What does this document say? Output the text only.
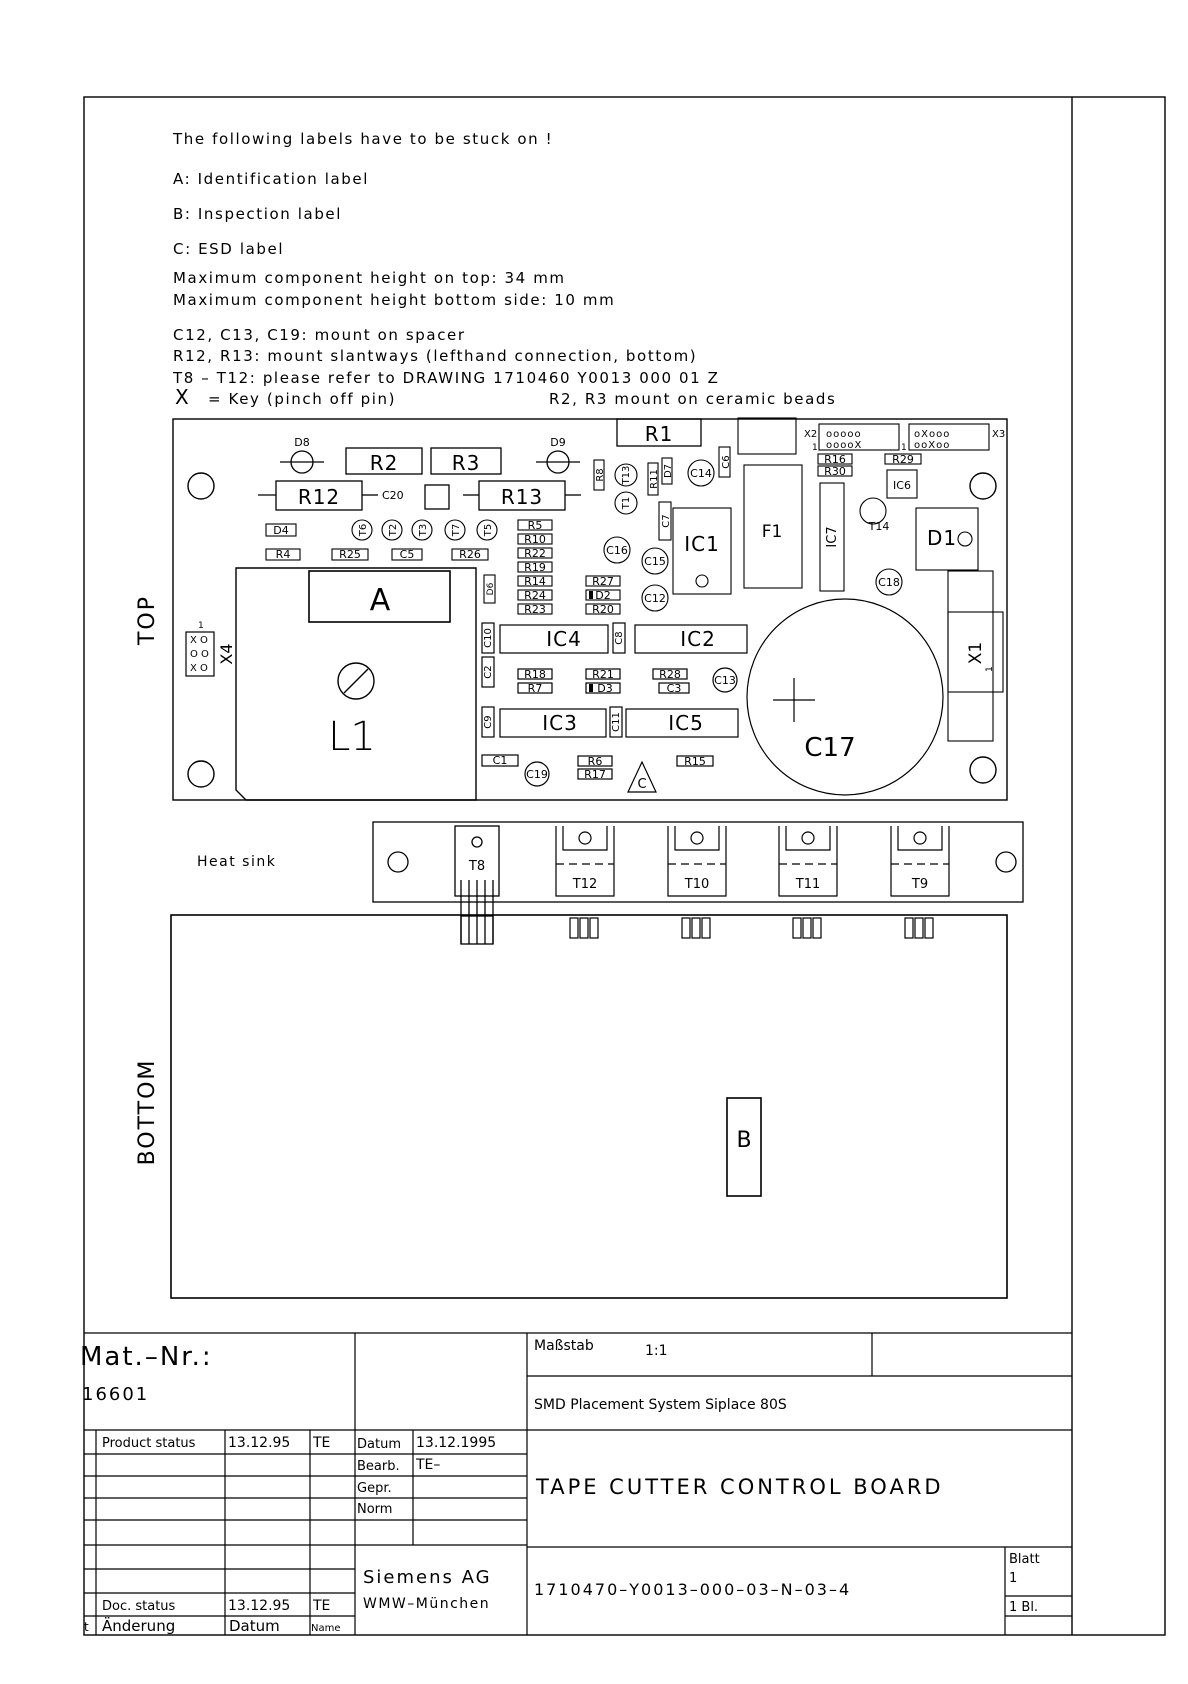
The following labels have to be stuck on !
A: Identification label
B: Inspection label
C: ESD label
Maximum component height on top: 34 mm
Maximum component height bottom side: 10 mm
C12, C13, C19: mount on spacer
R12, R13: mount slantways (lefthand connection, bottom)
T8 – T12: please refer to DRAWING 1710460 Y0013 000 01 Z
X = Key (pinch off pin)	R2, R3 mount on ceramic beads
TOP
L1
A
X O
O O
X O
X4
1
R2	R3
R1
R12	R13
D8	D9
C20
D4
R4	R25	C5	R26
T6 T2 T3 T7 T5
D6
R5
R10
R22
R19
R14
R24
R23
R27
D2
R20
R8	R11 D7
T13
T1
C14
C6
C16
C15
C12
C7
IC1 F1	IC7
R16
R30
R29
IC6
T14 D1
C18
X1
1
ooooo
ooooX
X2
1
oXooo
ooXoo
X3
1
C10	IC4	C8	IC2
C2	R18
R7
R21
D3
R28
C3
C13
C17
C9 IC3	C11 IC5
C1
C19
R6
R17
R15
C
T8
Heat sink
T12	T10	T11	T9
BOTTOM	B
Mat.–Nr.:
16601
Maßstab	1:1
SMD Placement System Siplace 80S
TAPE CUTTER CONTROL BOARD
Product status 13.12.95 TE
Doc. status	13.12.95 TE
t Änderung	Datum	Name
Datum 13.12.1995
Bearb. TE–
Gepr.
Norm
Siemens AG
WMW–München
1710470–Y0013–000–03–N–03–4
Blatt
1
1 Bl.
